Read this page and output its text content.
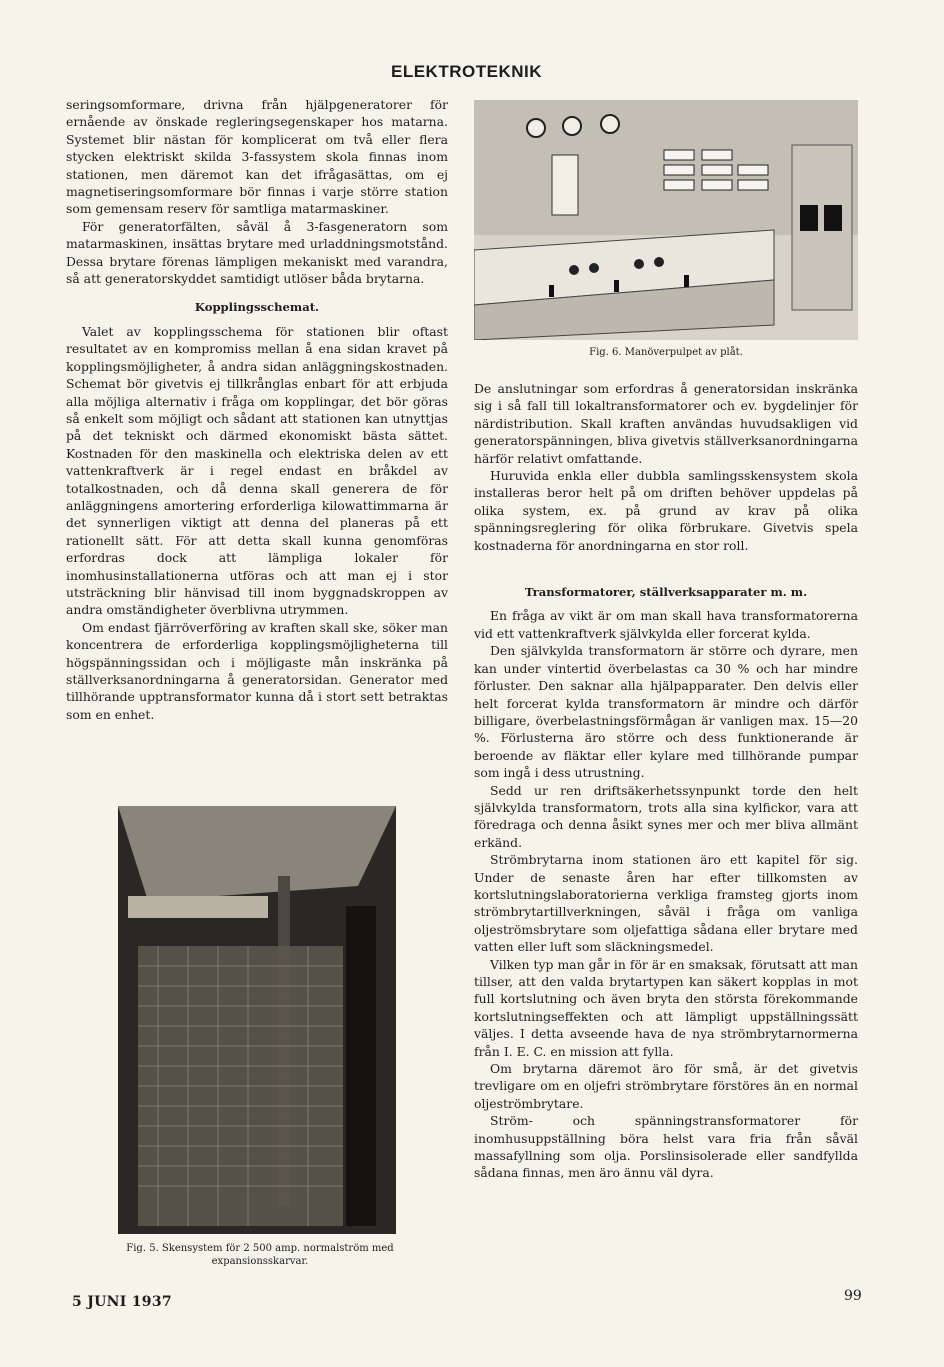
ELEKTROTEKNIK

seringsomformare, drivna från hjälpgeneratorer för ernående av önskade regleringsegenskaper hos matarna. Systemet blir nästan för komplicerat om två eller flera stycken elektriskt skilda 3-fassystem skola finnas inom stationen, men däremot kan det ifrågasättas, om ej magnetiseringsomformare bör finnas i varje större station som gemensam reserv för samtliga matarmaskiner.

För generatorfälten, såväl å 3-fasgeneratorn som matarmaskinen, insättas brytare med urladdningsmotstånd. Dessa brytare förenas lämpligen mekaniskt med varandra, så att generatorskyddet samtidigt utlöser båda brytarna.

Kopplingsschemat.

Valet av kopplingsschema för stationen blir oftast resultatet av en kompromiss mellan å ena sidan kravet på kopplingsmöjligheter, å andra sidan anläggningskostnaden. Schemat bör givetvis ej tillkrånglas enbart för att erbjuda alla möjliga alternativ i fråga om kopplingar, det bör göras så enkelt som möjligt och sådant att stationen kan utnyttjas på det tekniskt och därmed ekonomiskt bästa sättet. Kostnaden för den maskinella och elektriska delen av ett vattenkraftverk är i regel endast en bråkdel av totalkostnaden, och då denna skall generera de för anläggningens amortering erforderliga kilowattimmarna är det synnerligen viktigt att denna del planeras på ett rationellt sätt. För att detta skall kunna genomföras erfordras dock att lämpliga lokaler för inomhusinstallationerna utföras och att man ej i stor utsträckning blir hänvisad till inom byggnadskroppen av andra omständigheter överblivna utrymmen.

Om endast fjärröverföring av kraften skall ske, söker man koncentrera de erforderliga kopplingsmöjligheterna till högspänningssidan och i möjligaste mån inskränka på ställverksanordningarna å generatorsidan. Generator med tillhörande upptransformator kunna då i stort sett betraktas som en enhet.

Fig. 6. Manöverpulpet av plåt.

De anslutningar som erfordras å generatorsidan inskränka sig i så fall till lokaltransformatorer och ev. bygdelinjer för närdistribution. Skall kraften användas huvudsakligen vid generatorspänningen, bliva givetvis ställverksanordningarna härför relativt omfattande.

Huruvida enkla eller dubbla samlingsskensystem skola installeras beror helt på om driften behöver uppdelas på olika system, ex. på grund av krav på olika spänningsreglering för olika förbrukare. Givetvis spela kostnaderna för anordningarna en stor roll.

Transformatorer, ställverksapparater m. m.

En fråga av vikt är om man skall hava transformatorerna vid ett vattenkraftverk självkylda eller forcerat kylda.

Den självkylda transformatorn är större och dyrare, men kan under vintertid överbelastas ca 30 % och har mindre förluster. Den saknar alla hjälpapparater. Den delvis eller helt forcerat kylda transformatorn är mindre och därför billigare, överbelastningsförmågan är vanligen max. 15—20 %. Förlusterna äro större och dess funktionerande är beroende av fläktar eller kylare med tillhörande pumpar som ingå i dess utrustning.

Sedd ur ren driftsäkerhetssynpunkt torde den helt självkylda transformatorn, trots alla sina kylfickor, vara att föredraga och denna åsikt synes mer och mer bliva allmänt erkänd.

Strömbrytarna inom stationen äro ett kapitel för sig. Under de senaste åren har efter tillkomsten av kortslutningslaboratorierna verkliga framsteg gjorts inom strömbrytartillverkningen, såväl i fråga om vanliga oljeströmsbrytare som oljefattiga sådana eller brytare med vatten eller luft som släckningsmedel.

Vilken typ man går in för är en smaksak, förutsatt att man tillser, att den valda brytartypen kan säkert kopplas in mot full kortslutning och även bryta den största förekommande kortslutningseffekten och att lämpligt uppställningssätt väljes. I detta avseende hava de nya strömbrytarnormerna från I. E. C. en mission att fylla.

Om brytarna däremot äro för små, är det givetvis trevligare om en oljefri strömbrytare förstöres än en normal oljeströmbrytare.

Ström- och spänningstransformatorer för inomhusuppställning böra helst vara fria från såväl massafyllning som olja. Porslinsisolerade eller sandfyllda sådana finnas, men äro ännu väl dyra.

Fig. 5. Skensystem för 2 500 amp. normalström med expansionsskarvar.
5 JUNI 1937	99
